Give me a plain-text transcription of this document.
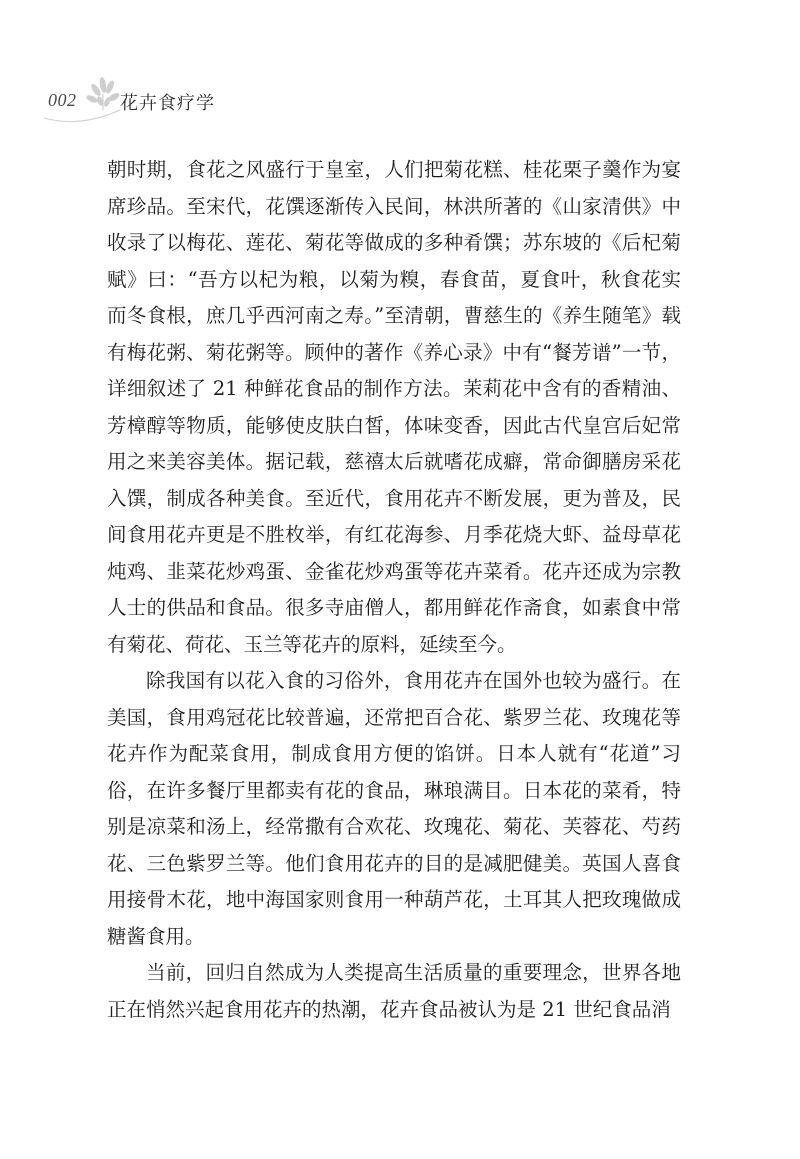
002 花卉食疗学

朝时期，食花之风盛行于皇室，人们把菊花糕、桂花栗子羹作为宴席珍品。至宋代，花馔逐渐传入民间，林洪所著的《山家清供》中收录了以梅花、莲花、菊花等做成的多种肴馔；苏东坡的《后杞菊赋》曰：“吾方以杞为粮，以菊为糗，春食苗，夏食叶，秋食花实而冬食根，庶几乎西河南之寿。”至清朝，曹慈生的《养生随笔》载有梅花粥、菊花粥等。顾仲的著作《养心录》中有“餐芳谱”一节，详细叙述了 21 种鲜花食品的制作方法。茉莉花中含有的香精油、芳樟醇等物质，能够使皮肤白皙，体味变香，因此古代皇宫后妃常用之来美容美体。据记载，慈禧太后就嗜花成癖，常命御膳房采花入馔，制成各种美食。至近代，食用花卉不断发展，更为普及，民间食用花卉更是不胜枚举，有红花海参、月季花烧大虾、益母草花炖鸡、韭菜花炒鸡蛋、金雀花炒鸡蛋等花卉菜肴。花卉还成为宗教人士的供品和食品。很多寺庙僧人，都用鲜花作斋食，如素食中常有菊花、荷花、玉兰等花卉的原料，延续至今。

除我国有以花入食的习俗外，食用花卉在国外也较为盛行。在美国，食用鸡冠花比较普遍，还常把百合花、紫罗兰花、玫瑰花等花卉作为配菜食用，制成食用方便的馅饼。日本人就有“花道”习俗，在许多餐厅里都卖有花的食品，琳琅满目。日本花的菜肴，特别是凉菜和汤上，经常撒有合欢花、玫瑰花、菊花、芙蓉花、芍药花、三色紫罗兰等。他们食用花卉的目的是减肥健美。英国人喜食用接骨木花，地中海国家则食用一种葫芦花，土耳其人把玫瑰做成糖酱食用。

当前，回归自然成为人类提高生活质量的重要理念，世界各地正在悄然兴起食用花卉的热潮，花卉食品被认为是 21 世纪食品消
